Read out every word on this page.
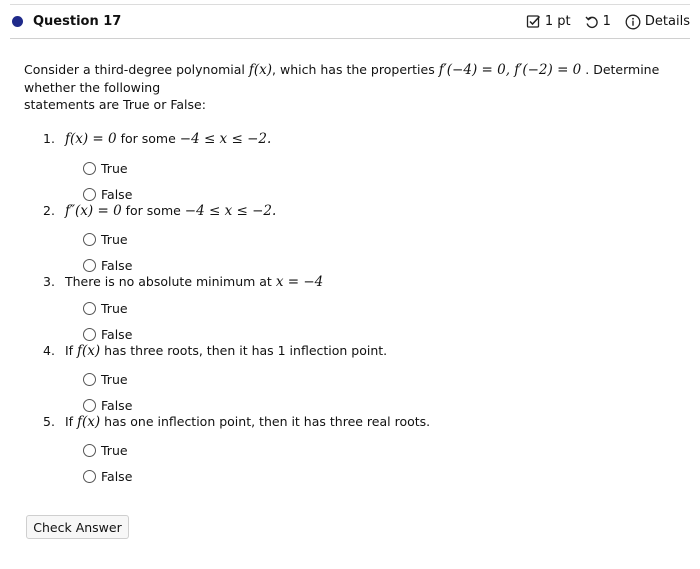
Question 17	1 pt 1	Details
Consider a third-degree polynomial f(x), which has the properties f′(−4) = 0, f′(−2) = 0 . Determine whether the following
statements are True or False:
1. f(x) = 0 for some −4 ≤ x ≤ −2.
True
False
2. f″(x) = 0 for some −4 ≤ x ≤ −2.
True
False
3. There is no absolute minimum at x = −4
True
False
4. If f(x) has three roots, then it has 1 inflection point.
True
False
5. If f(x) has one inflection point, then it has three real roots.
True
False
Check Answer
